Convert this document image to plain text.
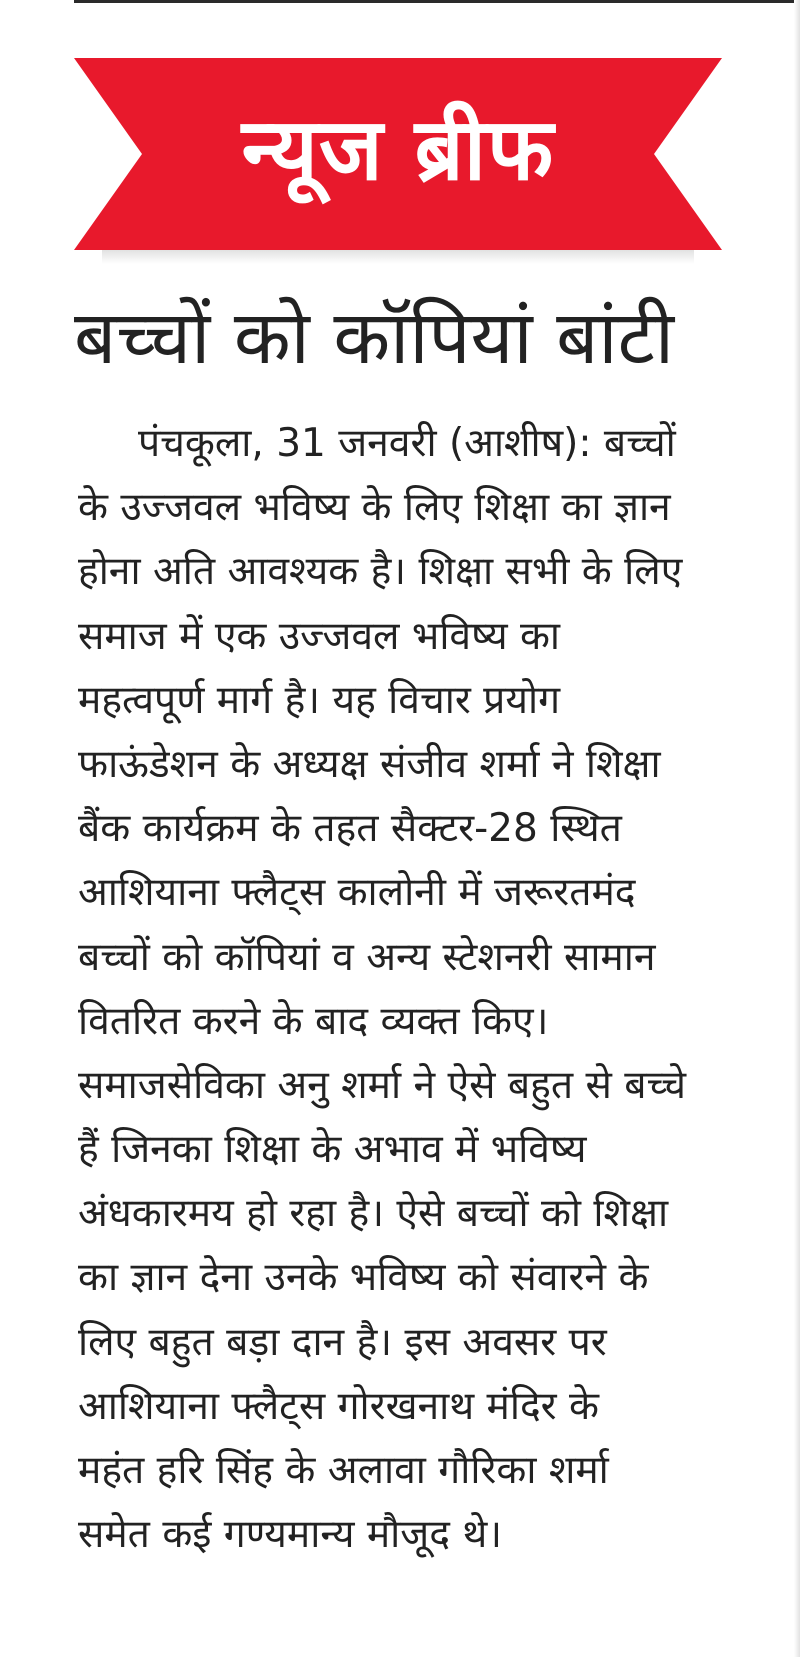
न्यूज ब्रीफ
बच्चों को कॉपियां बांटी
पंचकूला, 31 जनवरी (आशीष): बच्चों
के उज्जवल भविष्य के लिए शिक्षा का ज्ञान
होना अति आवश्यक है। शिक्षा सभी के लिए
समाज में एक उज्जवल भविष्य का
महत्वपूर्ण मार्ग है। यह विचार प्रयोग
फाऊंडेशन के अध्यक्ष संजीव शर्मा ने शिक्षा
बैंक कार्यक्रम के तहत सैक्टर-28 स्थित
आशियाना फ्लैट्स कालोनी में जरूरतमंद
बच्चों को कॉपियां व अन्य स्टेशनरी सामान
वितरित करने के बाद व्यक्त किए।
समाजसेविका अनु शर्मा ने ऐसे बहुत से बच्चे
हैं जिनका शिक्षा के अभाव में भविष्य
अंधकारमय हो रहा है। ऐसे बच्चों को शिक्षा
का ज्ञान देना उनके भविष्य को संवारने के
लिए बहुत बड़ा दान है। इस अवसर पर
आशियाना फ्लैट्स गोरखनाथ मंदिर के
महंत हरि सिंह के अलावा गौरिका शर्मा
समेत कई गण्यमान्य मौजूद थे।
